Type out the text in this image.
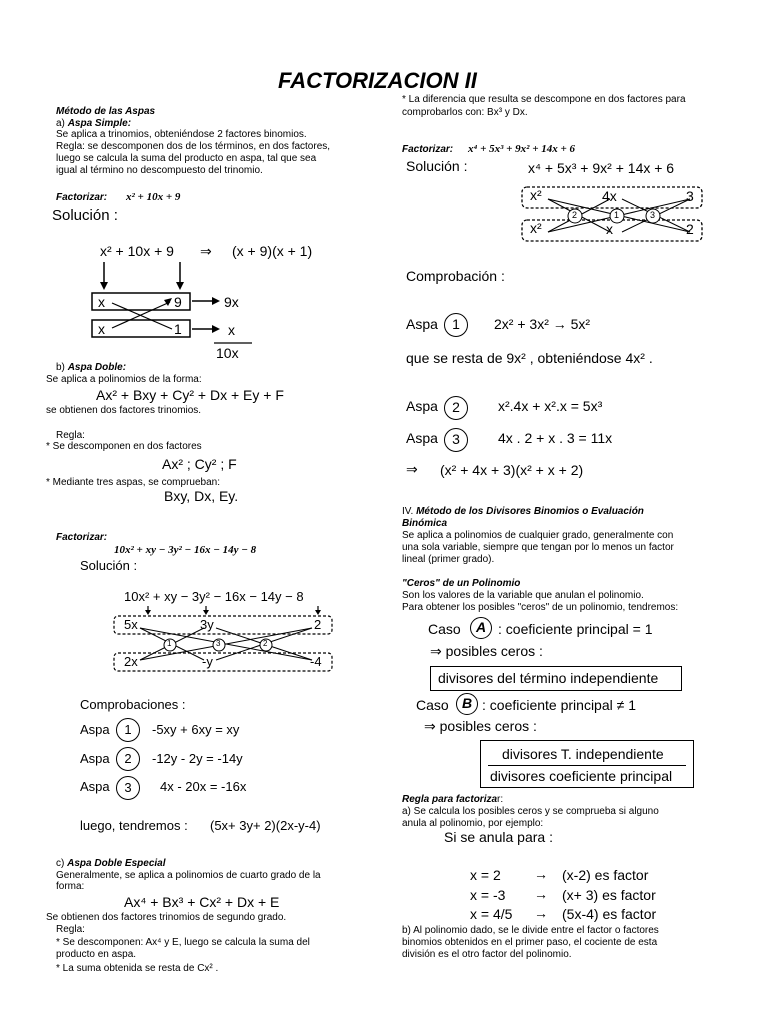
FACTORIZACION II
Método de las Aspas
a) Aspa Simple:
Se aplica a trinomios, obteniéndose 2 factores binomios.
Regla: se descomponen dos de los términos, en dos factores,
luego se calcula la suma del producto en aspa, tal que sea
igual al término no descompuesto del trinomio.
Factorizar: x² + 10x + 9
Solución :
x² + 10x + 9 ⇒ (x + 9)(x + 1)
x	9	9x
x	1	x
10x
b) Aspa Doble:
Se aplica a polinomios de la forma:
Ax² + Bxy + Cy² + Dx + Ey + F
se obtienen dos factores trinomios.
Regla:
* Se descomponen en dos factores
Ax² ; Cy² ; F
* Mediante tres aspas, se comprueban:
Bxy, Dx, Ey.
Factorizar:
10x² + xy − 3y² − 16x − 14y − 8
Solución :
10x² + xy − 3y² − 16x − 14y − 8
5x	3y	2
2x	-y	-4
1	3	2
Comprobaciones :
Aspa	1	-5xy + 6xy = xy
Aspa	2	-12y - 2y = -14y
Aspa	3	4x - 20x = -16x
luego, tendremos : (5x+ 3y+ 2)(2x-y-4)
c) Aspa Doble Especial
Generalmente, se aplica a polinomios de cuarto grado de la
forma:
Ax⁴ + Bx³ + Cx² + Dx + E
Se obtienen dos factores trinomios de segundo grado.
Regla:
* Se descomponen: Ax⁴ y E, luego se calcula la suma del
producto en aspa.
* La suma obtenida se resta de Cx² .
* La diferencia que resulta se descompone en dos factores para
comprobarlos con: Bx³ y Dx.
Factorizar: x⁴ + 5x³ + 9x² + 14x + 6
Solución :	x⁴ + 5x³ + 9x² + 14x + 6
x²	4x	3
x²	x	2
2	1	3
Comprobación :
Aspa	1	2x² + 3x² → 5x²
que se resta de 9x² , obteniéndose 4x² .
Aspa	2	x².4x + x².x = 5x³
Aspa	3	4x . 2 + x . 3 = 11x
⇒ (x² + 4x + 3)(x² + x + 2)
IV. Método de los Divisores Binomios o Evaluación
Binómica
Se aplica a polinomios de cualquier grado, generalmente con
una sola variable, siempre que tengan por lo menos un factor
lineal (primer grado).
"Ceros" de un Polinomio
Son los valores de la variable que anulan el polinomio.
Para obtener los posibles "ceros" de un polinomio, tendremos:
Caso	A : coeficiente principal = 1
⇒ posibles ceros :
divisores del término independiente
Caso B : coeficiente principal ≠ 1
⇒ posibles ceros :
divisores T. independiente
divisores coeficiente principal
Regla para factorizar:
a) Se calcula los posibles ceros y se comprueba si alguno
anula al polinomio, por ejemplo:
Si se anula para :
x = 2 → (x-2) es factor
x = -3 → (x+ 3) es factor
x = 4/5 → (5x-4) es factor
b) Al polinomio dado, se le divide entre el factor o factores
binomios obtenidos en el primer paso, el cociente de esta
división es el otro factor del polinomio.
